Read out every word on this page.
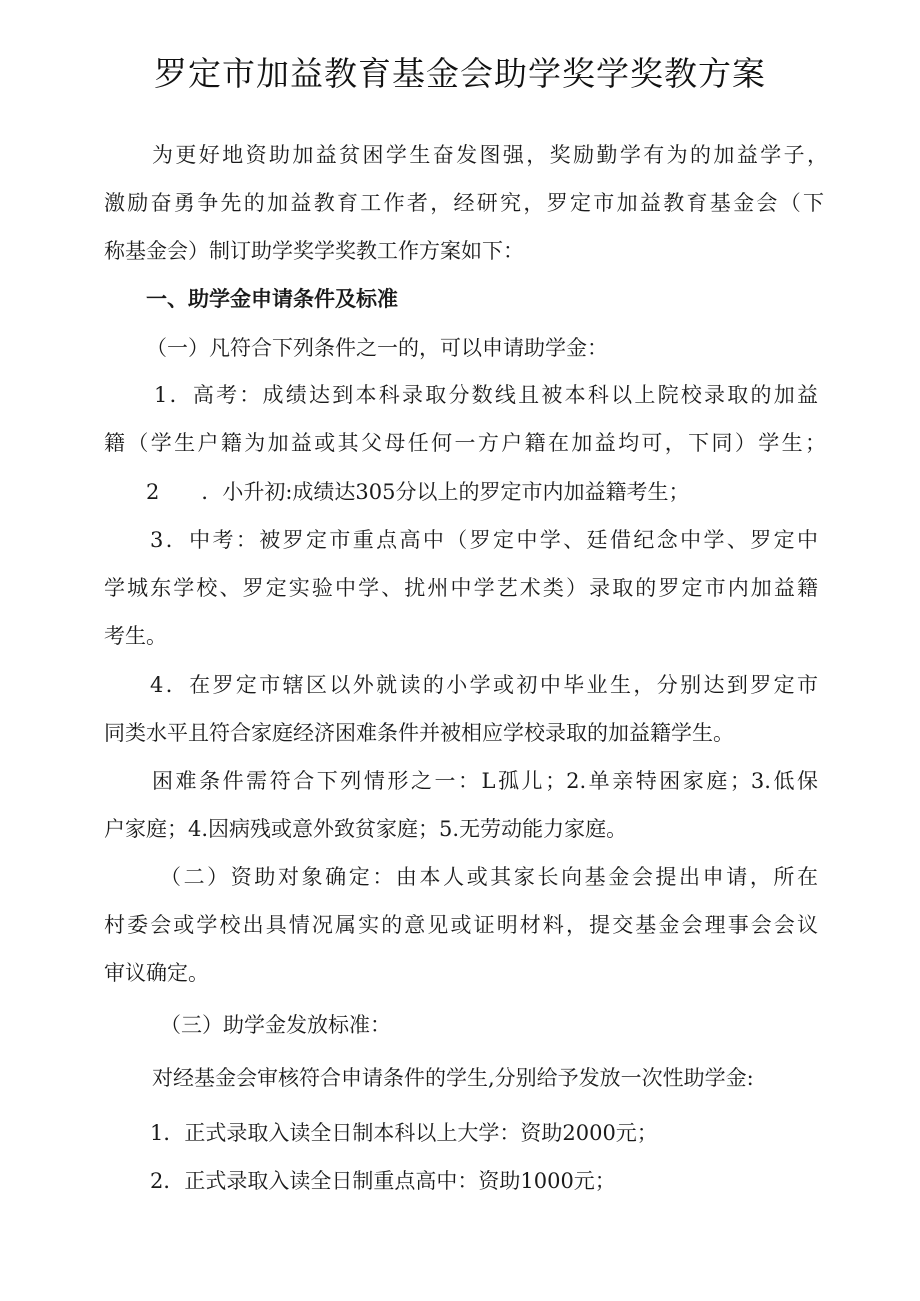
罗定市加益教育基金会助学奖学奖教方案
为更好地资助加益贫困学生奋发图强，奖励勤学有为的加益学子，
激励奋勇争先的加益教育工作者，经研究，罗定市加益教育基金会（下
称基金会）制订助学奖学奖教工作方案如下：
一、助学金申请条件及标准
（一）凡符合下列条件之一的，可以申请助学金：
1．高考：成绩达到本科录取分数线且被本科以上院校录取的加益
籍（学生户籍为加益或其父母任何一方户籍在加益均可，下同）学生；
2　　．小升初:成绩达305分以上的罗定市内加益籍考生；
3．中考：被罗定市重点高中（罗定中学、廷借纪念中学、罗定中
学城东学校、罗定实验中学、扰州中学艺术类）录取的罗定市内加益籍
考生。
4．在罗定市辖区以外就读的小学或初中毕业生，分别达到罗定市
同类水平且符合家庭经济困难条件并被相应学校录取的加益籍学生。
困难条件需符合下列情形之一：L孤儿；2.单亲特困家庭；3.低保
户家庭；4.因病残或意外致贫家庭；5.无劳动能力家庭。
（二）资助对象确定：由本人或其家长向基金会提出申请，所在
村委会或学校出具情况属实的意见或证明材料，提交基金会理事会会议
审议确定。
（三）助学金发放标准：
对经基金会审核符合申请条件的学生,分别给予发放一次性助学金:
1．正式录取入读全日制本科以上大学：资助2000元；
2．正式录取入读全日制重点高中：资助1000元；
